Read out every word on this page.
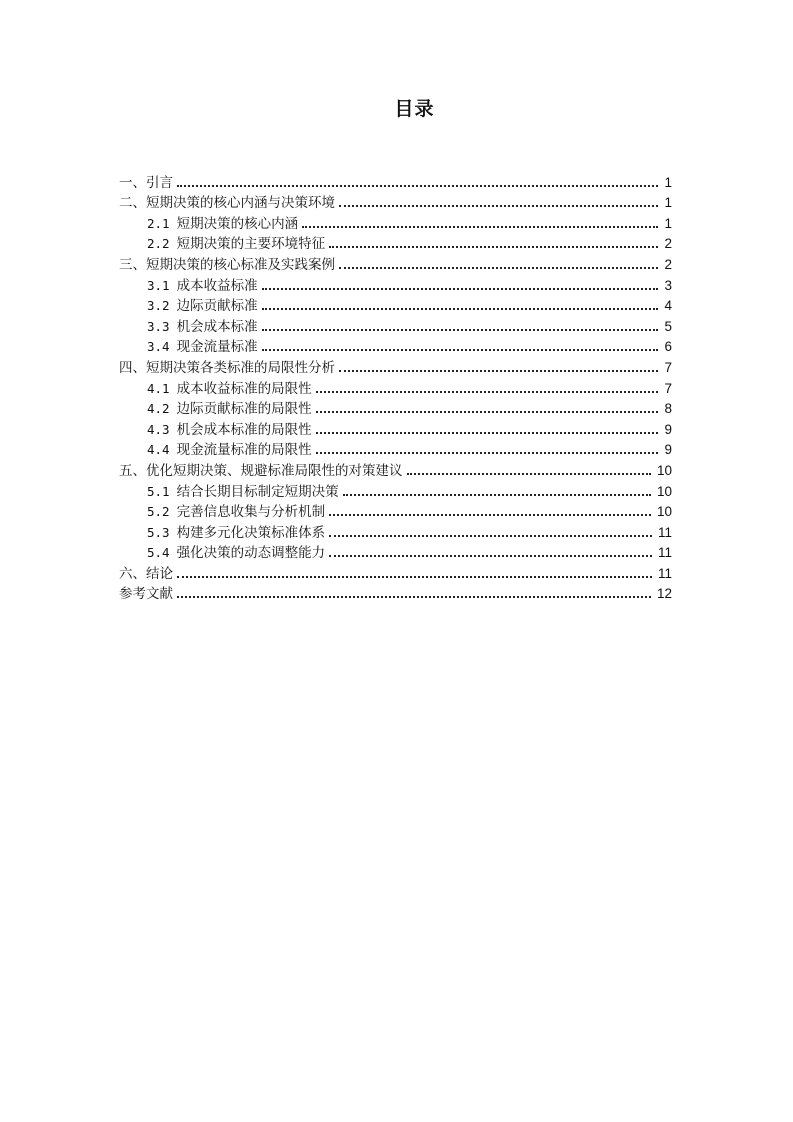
目录
一、引言	1
二、短期决策的核心内涵与决策环境	1
2.1 短期决策的核心内涵	1
2.2 短期决策的主要环境特征	2
三、短期决策的核心标准及实践案例	2
3.1 成本收益标准	3
3.2 边际贡献标准	4
3.3 机会成本标准	5
3.4 现金流量标准	6
四、短期决策各类标准的局限性分析	7
4.1 成本收益标准的局限性	7
4.2 边际贡献标准的局限性	8
4.3 机会成本标准的局限性	9
4.4 现金流量标准的局限性	9
五、优化短期决策、规避标准局限性的对策建议	10
5.1 结合长期目标制定短期决策	10
5.2 完善信息收集与分析机制	10
5.3 构建多元化决策标准体系	11
5.4 强化决策的动态调整能力	11
六、结论	11
参考文献	12
